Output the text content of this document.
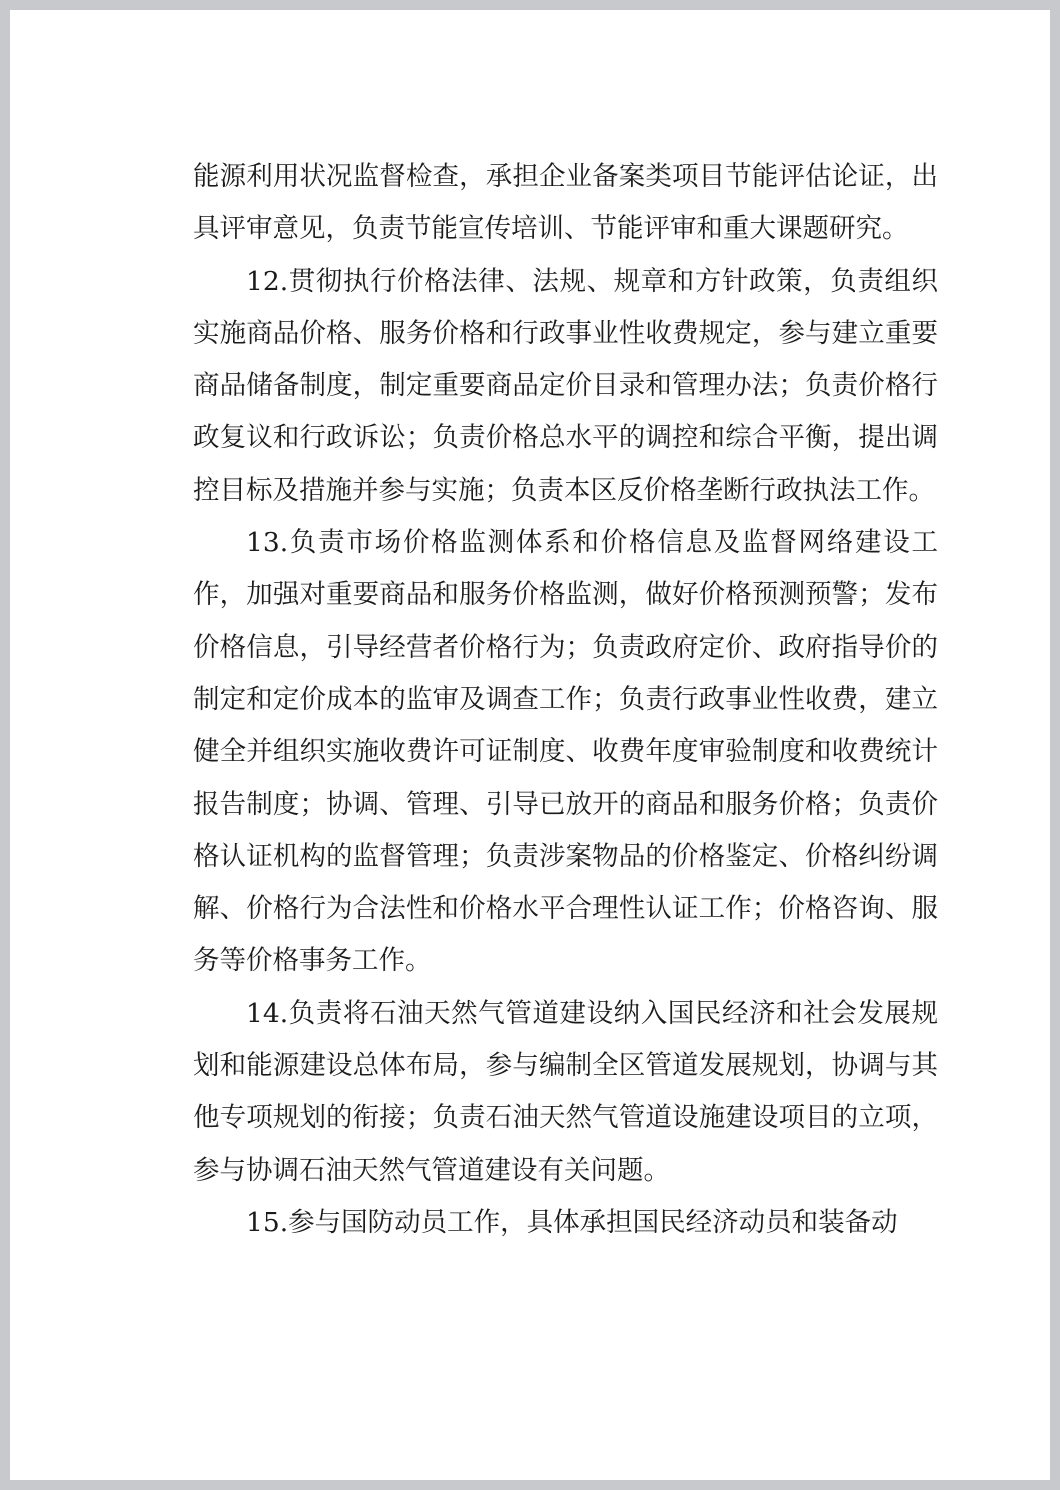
能源利用状况监督检查，承担企业备案类项目节能评估论证，出具评审意见，负责节能宣传培训、节能评审和重大课题研究。

12.贯彻执行价格法律、法规、规章和方针政策，负责组织实施商品价格、服务价格和行政事业性收费规定，参与建立重要商品储备制度，制定重要商品定价目录和管理办法；负责价格行政复议和行政诉讼；负责价格总水平的调控和综合平衡，提出调控目标及措施并参与实施；负责本区反价格垄断行政执法工作。

13.负责市场价格监测体系和价格信息及监督网络建设工作，加强对重要商品和服务价格监测，做好价格预测预警；发布价格信息，引导经营者价格行为；负责政府定价、政府指导价的制定和定价成本的监审及调查工作；负责行政事业性收费，建立健全并组织实施收费许可证制度、收费年度审验制度和收费统计报告制度；协调、管理、引导已放开的商品和服务价格；负责价格认证机构的监督管理；负责涉案物品的价格鉴定、价格纠纷调解、价格行为合法性和价格水平合理性认证工作；价格咨询、服务等价格事务工作。

14.负责将石油天然气管道建设纳入国民经济和社会发展规划和能源建设总体布局，参与编制全区管道发展规划，协调与其他专项规划的衔接；负责石油天然气管道设施建设项目的立项，参与协调石油天然气管道建设有关问题。

15.参与国防动员工作，具体承担国民经济动员和装备动
